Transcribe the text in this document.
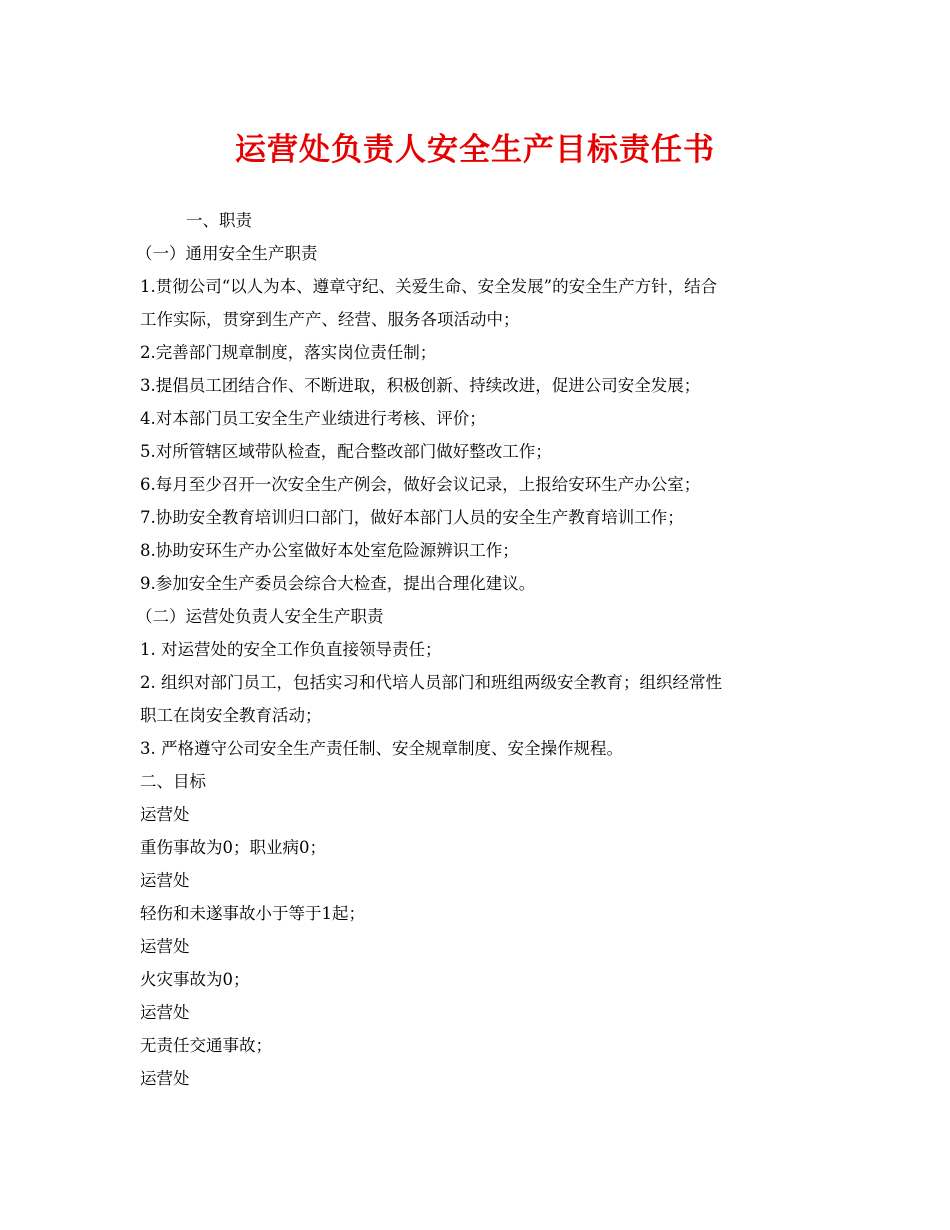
运营处负责人安全生产目标责任书
一、职责
（一）通用安全生产职责
1.贯彻公司“以人为本、遵章守纪、关爱生命、安全发展”的安全生产方针，结合
工作实际，贯穿到生产产、经营、服务各项活动中；
2.完善部门规章制度，落实岗位责任制；
3.提倡员工团结合作、不断进取，积极创新、持续改进，促进公司安全发展；
4.对本部门员工安全生产业绩进行考核、评价；
5.对所管辖区域带队检查，配合整改部门做好整改工作；
6.每月至少召开一次安全生产例会，做好会议记录，上报给安环生产办公室；
7.协助安全教育培训归口部门，做好本部门人员的安全生产教育培训工作；
8.协助安环生产办公室做好本处室危险源辨识工作；
9.参加安全生产委员会综合大检查，提出合理化建议。
（二）运营处负责人安全生产职责
1. 对运营处的安全工作负直接领导责任；
2. 组织对部门员工，包括实习和代培人员部门和班组两级安全教育；组织经常性
职工在岗安全教育活动；
3. 严格遵守公司安全生产责任制、安全规章制度、安全操作规程。
二、目标
运营处
重伤事故为0；职业病0；
运营处
轻伤和未遂事故小于等于1起；
运营处
火灾事故为0；
运营处
无责任交通事故；
运营处
